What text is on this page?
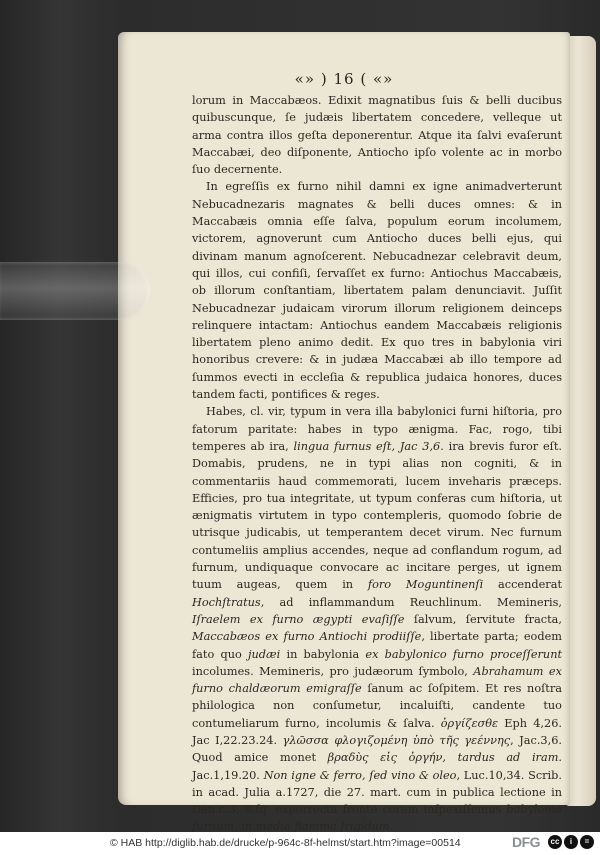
«» ) 16 ( «»

lorum in Maccabæos. Edixit magnatibus ſuis & belli ducibus quibuscunque, ſe judæis libertatem concedere, velleque ut arma contra illos geſta deponerentur. Atque ita ſalvi evaſerunt Maccabæi, deo diſponente, Antiocho ipſo volente ac in morbo ſuo decernente.

In egreſſis ex furno nihil damni ex igne animadverterunt Nebucadnezaris magnates & belli duces omnes: & in Maccabæis omnia eſſe ſalva, populum eorum incolumem, victorem, agnoverunt cum Antiocho duces belli ejus, qui divinam manum agnoſcerent. Nebucadnezar celebravit deum, qui illos, cui confiſi, ſervaſſet ex furno: Antiochus Maccabæis, ob illorum conſtantiam, libertatem palam denunciavit. Juſſit Nebucadnezar judaicam virorum illorum religionem deinceps relinquere intactam: Antiochus eandem Maccabæis religionis libertatem pleno animo dedit. Ex quo tres in babylonia viri honoribus crevere: & in judæa Maccabæi ab illo tempore ad ſummos evecti in eccleſia & republica judaica honores, duces tandem facti, pontifices & reges.

Habes, cl. vir, typum in vera illa babylonici furni hiſtoria, pro fatorum paritate: habes in typo ænigma. Fac, rogo, tibi temperes ab ira, lingua furnus eſt, Jac 3,6. ira brevis furor eſt. Domabis, prudens, ne in typi alias non cogniti, & in commentariis haud commemorati, lucem inveharis præceps. Efficies, pro tua integritate, ut typum conferas cum hiſtoria, ut ænigmatis virtutem in typo contempleris, quomodo ſobrie de utrisque judicabis, ut temperantem decet virum. Nec furnum contumeliis amplius accendes, neque ad conflandum rogum, ad furnum, undiquaque convocare ac incitare perges, ut ignem tuum augeas, quem in foro Moguntinenſi accenderat Hochſtratus, ad inflammandum Reuchlinum. Memineris, Iſraelem ex furno ægypti evaſiſſe ſalvum, ſervitute fracta, Maccabæos ex furno Antiochi prodiiſſe, libertate parta; eodem fato quo judæi in babylonia ex babylonico furno proceſſerunt incolumes. Memineris, pro judæorum ſymbolo, Abrahamum ex furno chaldæorum emigraſſe ſanum ac ſoſpitem. Et res noſtra philologica non conſumetur, incaluiſti, candente tuo contumeliarum furno, incolumis & ſalva. ὀργίζεσθε Eph 4,26. Jac I,22.23.24. γλῶσσα φλογιζομένη ὑπὸ τῆς γεέννης, Jac.3,6. Quod amice monet βραδὺς εἰς ὀργήν, tardus ad iram. Jac.1,19.20. Non igne & ferro, ſed vino & oleo, Luc.10,34. Scrib. in acad. Julia a.1727, die 27. mart. cum in publica lectione in Dan.c.3, 8.ſq. exporrecta fronte coram inſpexiſſemus babylonia furnum, in media flamma frigidum.

© HAB http://diglib.hab.de/drucke/p-964c-8f-helmst/start.htm?image=00514	DFG	cc	i	=
